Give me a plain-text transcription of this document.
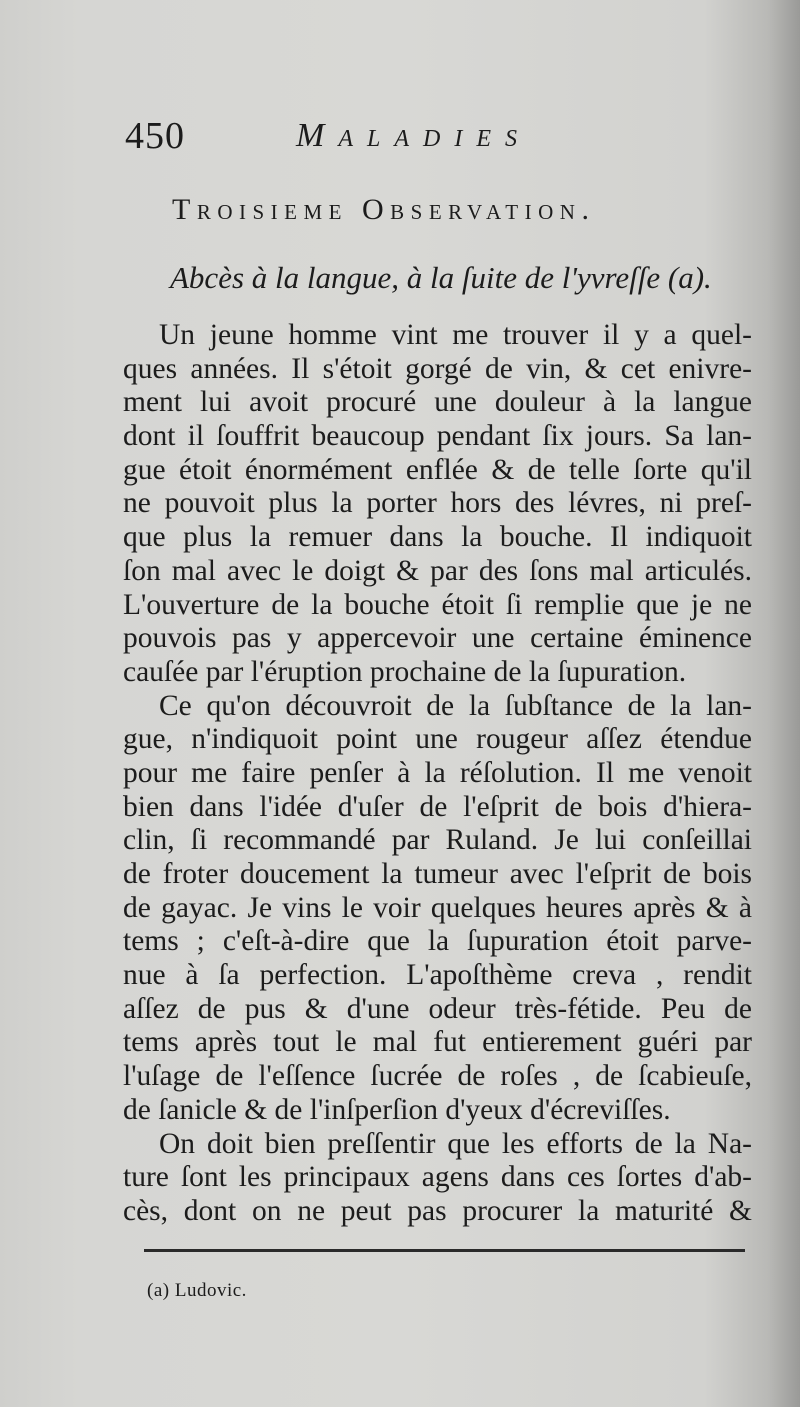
450	Maladies
Troisieme Observation.
Abcès à la langue, à la ſuite de l'yvreſſe (a).
Un jeune homme vint me trouver il y a quel-
ques années. Il s'étoit gorgé de vin, & cet enivre-
ment lui avoit procuré une douleur à la langue
dont il ſouffrit beaucoup pendant ſix jours. Sa lan-
gue étoit énormément enflée & de telle ſorte qu'il
ne pouvoit plus la porter hors des lévres, ni preſ-
que plus la remuer dans la bouche. Il indiquoit
ſon mal avec le doigt & par des ſons mal articulés.
L'ouverture de la bouche étoit ſi remplie que je ne
pouvois pas y appercevoir une certaine éminence
cauſée par l'éruption prochaine de la ſupuration.
Ce qu'on découvroit de la ſubſtance de la lan-
gue, n'indiquoit point une rougeur aſſez étendue
pour me faire penſer à la réſolution. Il me venoit
bien dans l'idée d'uſer de l'eſprit de bois d'hiera-
clin, ſi recommandé par Ruland. Je lui conſeillai
de froter doucement la tumeur avec l'eſprit de bois
de gayac. Je vins le voir quelques heures après & à
tems ; c'eſt-à-dire que la ſupuration étoit parve-
nue à ſa perfection. L'apoſthème creva , rendit
aſſez de pus & d'une odeur très-fétide. Peu de
tems après tout le mal fut entierement guéri par
l'uſage de l'eſſence ſucrée de roſes , de ſcabieuſe,
de ſanicle & de l'inſperſion d'yeux d'écreviſſes.
On doit bien preſſentir que les efforts de la Na-
ture ſont les principaux agens dans ces ſortes d'ab-
cès, dont on ne peut pas procurer la maturité &
(a) Ludovic.
